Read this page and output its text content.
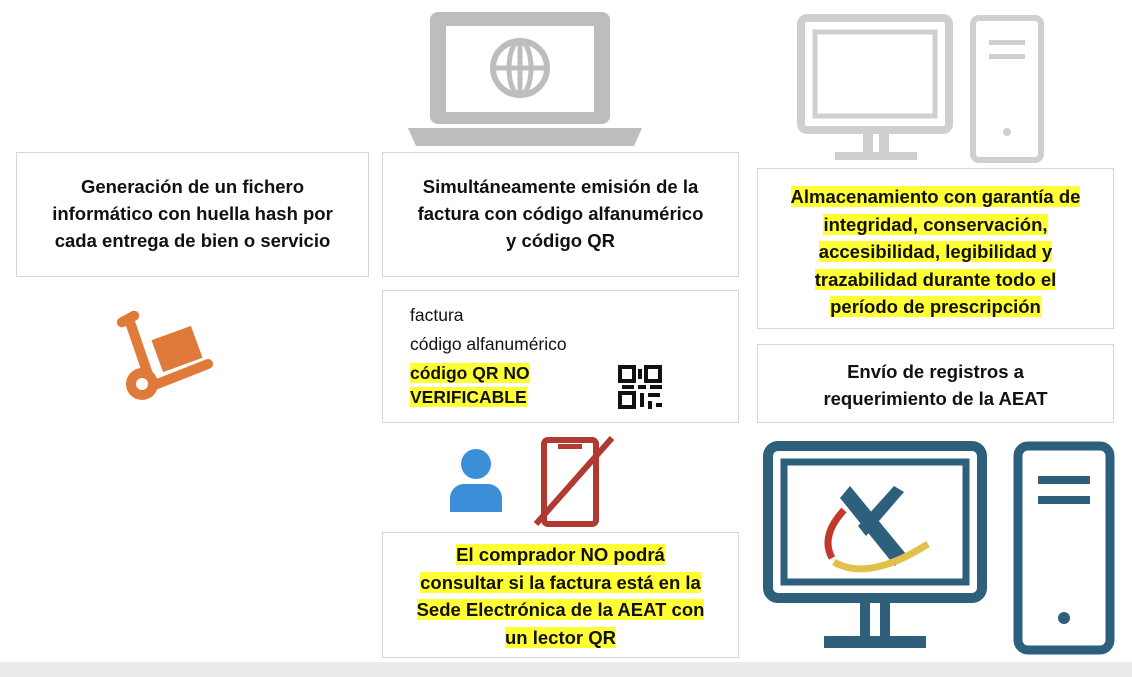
Generación de un fichero
informático con huella hash por
cada entrega de bien o servicio
Simultáneamente emisión de la
factura con código alfanumérico
y código QR
Almacenamiento con garantía de
integridad, conservación,
accesibilidad, legibilidad y
trazabilidad durante todo el
período de prescripción
factura
código alfanumérico
código QR NO
VERIFICABLE
Envío de registros a
requerimiento de la AEAT
El comprador NO podrá
consultar si la factura está en la
Sede Electrónica de la AEAT con
un lector QR
